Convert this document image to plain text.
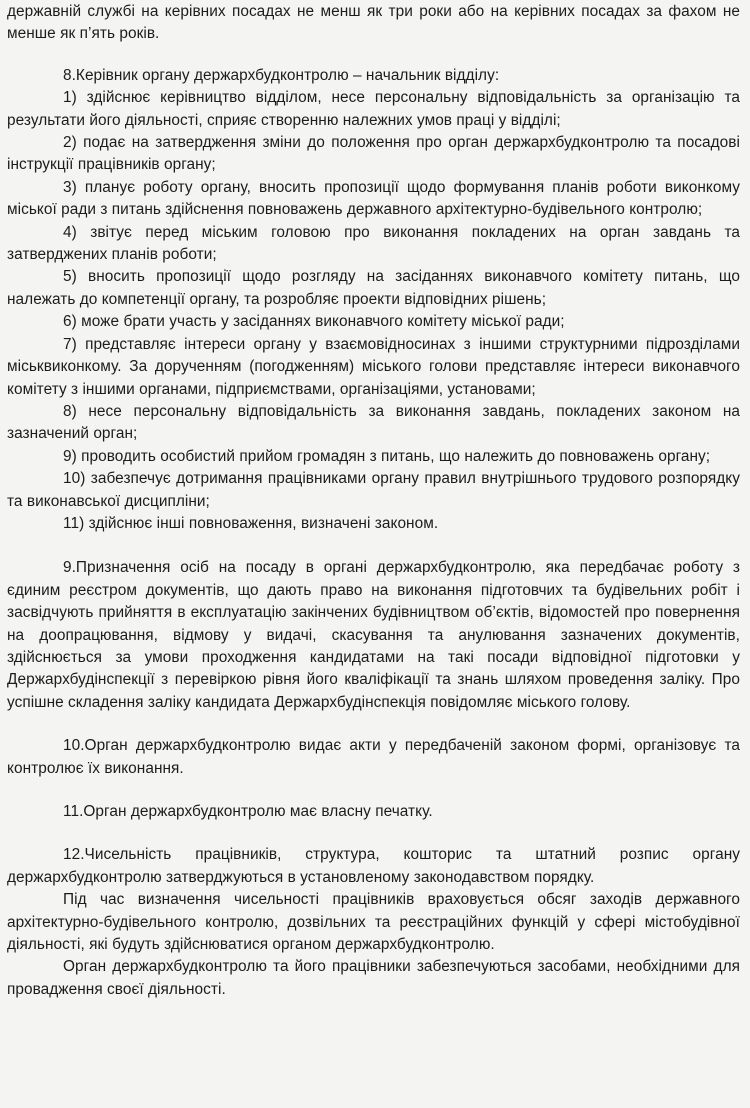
державній службі на керівних посадах не менш як три роки або на керівних посадах за фахом не менше як п’ять років.

8.Керівник органу держархбудконтролю – начальник відділу:

1) здійснює керівництво відділом, несе персональну відповідальність за організацію та результати його діяльності, сприяє створенню належних умов праці у відділі;

2) подає на затвердження зміни до положення про орган держархбудконтролю та посадові інструкції працівників органу;

3) планує роботу органу, вносить пропозиції щодо формування планів роботи виконкому міської ради з питань здійснення повноважень державного архітектурно-будівельного контролю;

4) звітує перед міським головою про виконання покладених на орган завдань та затверджених планів роботи;

5) вносить пропозиції щодо розгляду на засіданнях виконавчого комітету питань, що належать до компетенції органу, та розробляє проекти відповідних рішень;

6) може брати участь у засіданнях виконавчого комітету міської ради;

7) представляє інтереси органу у взаємовідносинах з іншими структурними підрозділами міськвиконкому. За дорученням (погодженням) міського голови представляє інтереси виконавчого комітету з іншими органами, підприємствами, організаціями, установами;

8) несе персональну відповідальність за виконання завдань, покладених законом на зазначений орган;

9) проводить особистий прийом громадян з питань, що належить до повноважень органу;

10) забезпечує дотримання працівниками органу правил внутрішнього трудового розпорядку та виконавської дисципліни;

11) здійснює інші повноваження, визначені законом.

9.Призначення осіб на посаду в органі держархбудконтролю, яка передбачає роботу з єдиним реєстром документів, що дають право на виконання підготовчих та будівельних робіт і засвідчують прийняття в експлуатацію закінчених будівництвом об’єктів, відомостей про повернення на доопрацювання, відмову у видачі, скасування та анулювання зазначених документів, здійснюється за умови проходження кандидатами на такі посади відповідної підготовки у Держархбудінспекції з перевіркою рівня його кваліфікації та знань шляхом проведення заліку. Про успішне складення заліку кандидата Держархбудінспекція повідомляє міського голову.

10.Орган держархбудконтролю видає акти у передбаченій законом формі, організовує та контролює їх виконання.

11.Орган держархбудконтролю має власну печатку.

12.Чисельність працівників, структура, кошторис та штатний розпис органу держархбудконтролю затверджуються в установленому законодавством порядку.

Під час визначення чисельності працівників враховується обсяг заходів державного архітектурно-будівельного контролю, дозвільних та реєстраційних функцій у сфері містобудівної діяльності, які будуть здійснюватися органом держархбудконтролю.

Орган держархбудконтролю та його працівники забезпечуються засобами, необхідними для провадження своєї діяльності.
